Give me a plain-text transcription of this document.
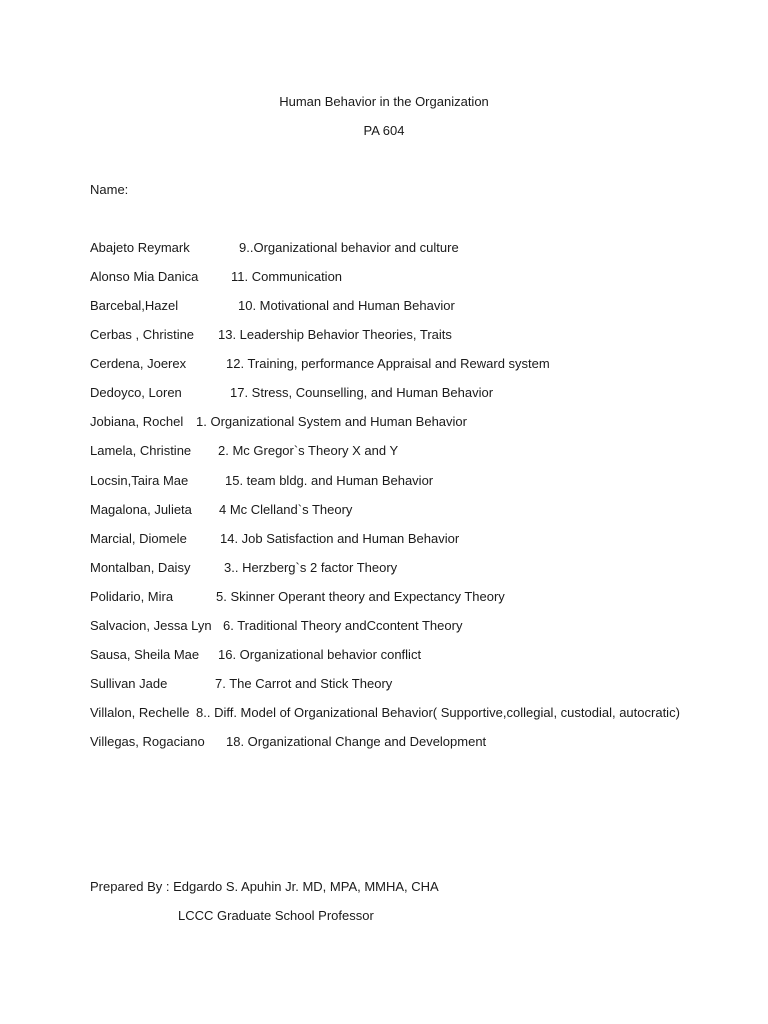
Human Behavior in the Organization
PA 604
Name:
Abajeto Reymark	9..Organizational behavior and culture
Alonso Mia Danica	11. Communication
Barcebal,Hazel	10. Motivational and Human Behavior
Cerbas , Christine 13. Leadership Behavior Theories, Traits
Cerdena, Joerex	12. Training, performance Appraisal and Reward system
Dedoyco, Loren	17. Stress, Counselling, and Human Behavior
Jobiana, Rochel 1. Organizational System and Human Behavior
Lamela, Christine 2. Mc Gregor`s Theory X and Y
Locsin,Taira Mae	15. team bldg. and Human Behavior
Magalona, Julieta 4 Mc Clelland`s Theory
Marcial, Diomele	14. Job Satisfaction and Human Behavior
Montalban, Daisy	3.. Herzberg`s 2 factor Theory
Polidario, Mira	5. Skinner Operant theory and Expectancy Theory
Salvacion, Jessa Lyn 6. Traditional Theory andCcontent Theory
Sausa, Sheila Mae 16. Organizational behavior conflict
Sullivan Jade	7. The Carrot and Stick Theory
Villalon, Rechelle 8.. Diff. Model of Organizational Behavior( Supportive,collegial, custodial, autocratic)
Villegas, Rogaciano 18. Organizational Change and Development
Prepared By : Edgardo S. Apuhin Jr. MD, MPA, MMHA, CHA
LCCC Graduate School Professor
